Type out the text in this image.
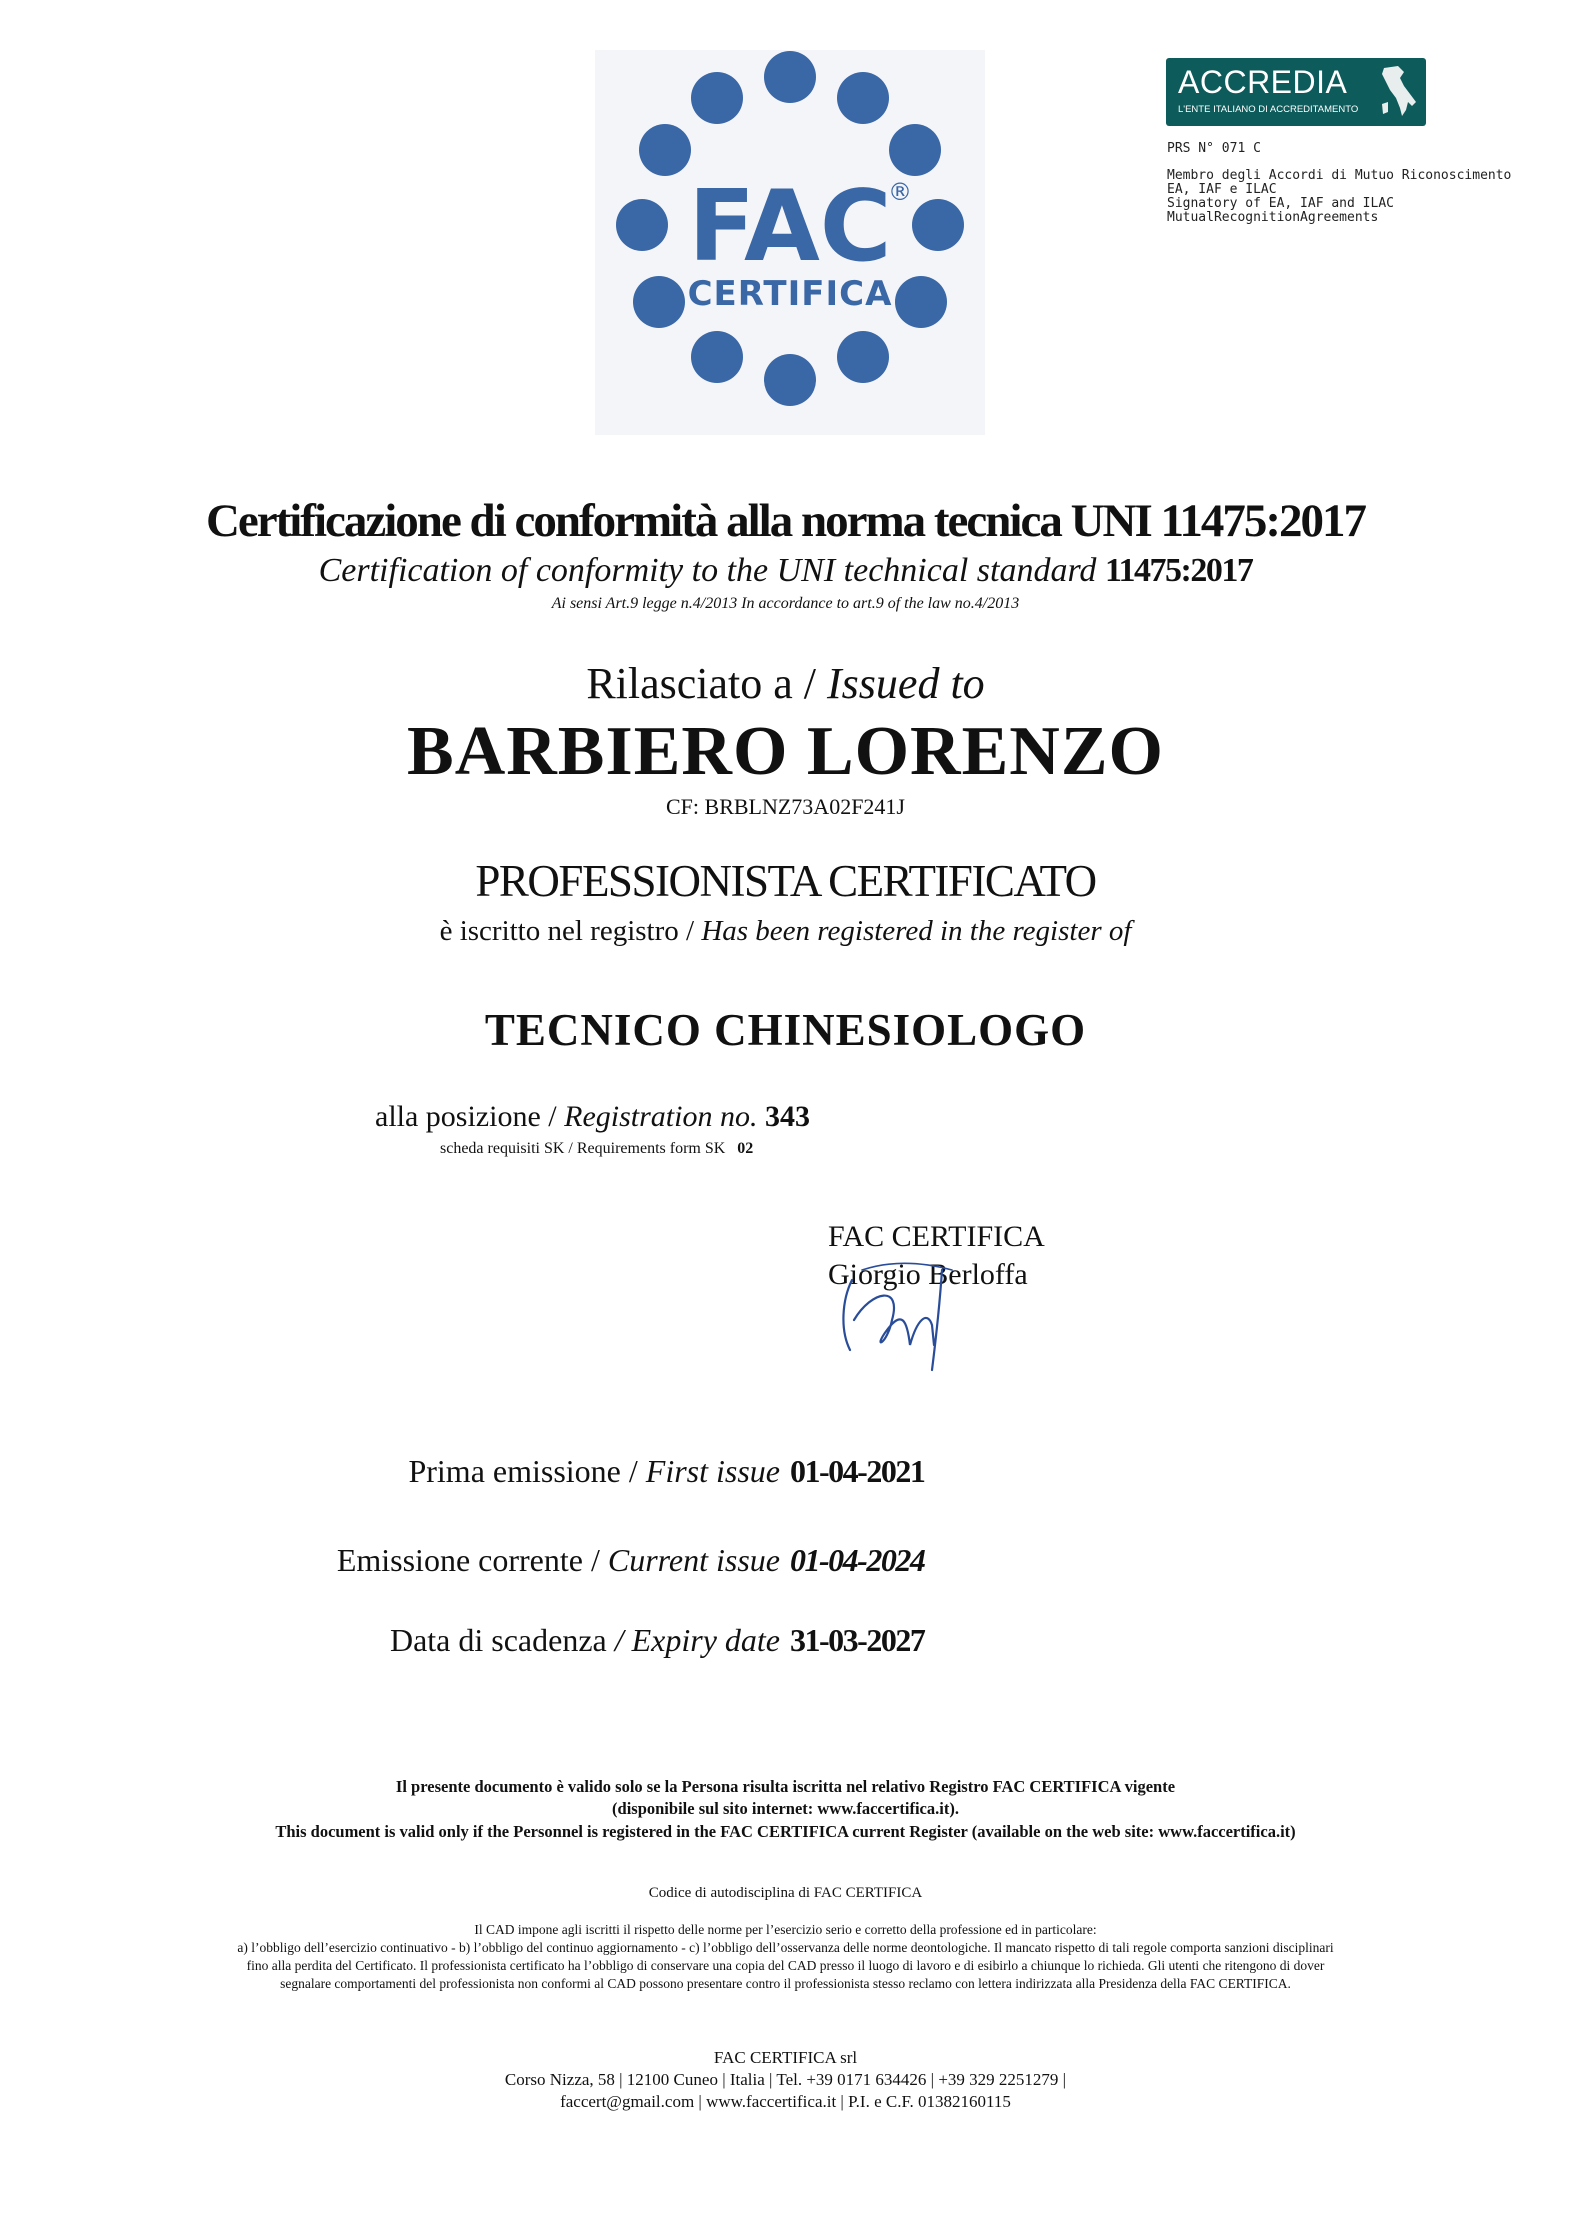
FAC
®
CERTIFICA
ACCREDIA
L'ENTE ITALIANO DI ACCREDITAMENTO
PRS N° 071 C
Membro degli Accordi di Mutuo Riconoscimento
EA, IAF e ILAC
Signatory of EA, IAF and ILAC
MutualRecognitionAgreements
Certificazione di conformità alla norma tecnica UNI 11475:2017
Certification of conformity to the UNI technical standard 11475:2017
Ai sensi Art.9 legge n.4/2013 In accordance to art.9 of the law no.4/2013
Rilasciato a / Issued to
BARBIERO LORENZO
CF: BRBLNZ73A02F241J
PROFESSIONISTA CERTIFICATO
è iscritto nel registro / Has been registered in the register of
TECNICO CHINESIOLOGO
alla posizione / Registration no. 343
scheda requisiti SK / Requirements form SK 02
FAC CERTIFICA
Giorgio Berloffa
Prima emissione / First issue 01-04-2021
Emissione corrente / Current issue 01-04-2024
Data di scadenza / Expiry date 31-03-2027
Il presente documento è valido solo se la Persona risulta iscritta nel relativo Registro FAC CERTIFICA vigente
(disponibile sul sito internet: www.faccertifica.it).
This document is valid only if the Personnel is registered in the FAC CERTIFICA current Register (available on the web site: www.faccertifica.it)
Codice di autodisciplina di FAC CERTIFICA
Il CAD impone agli iscritti il rispetto delle norme per l’esercizio serio e corretto della professione ed in particolare:
a) l’obbligo dell’esercizio continuativo - b) l’obbligo del continuo aggiornamento - c) l’obbligo dell’osservanza delle norme deontologiche. Il mancato rispetto di tali regole comporta sanzioni disciplinari
fino alla perdita del Certificato. Il professionista certificato ha l’obbligo di conservare una copia del CAD presso il luogo di lavoro e di esibirlo a chiunque lo richieda. Gli utenti che ritengono di dover
segnalare comportamenti del professionista non conformi al CAD possono presentare contro il professionista stesso reclamo con lettera indirizzata alla Presidenza della FAC CERTIFICA.
FAC CERTIFICA srl
Corso Nizza, 58 | 12100 Cuneo | Italia | Tel. +39 0171 634426 | +39 329 2251279 |
faccert@gmail.com | www.faccertifica.it | P.I. e C.F. 01382160115
